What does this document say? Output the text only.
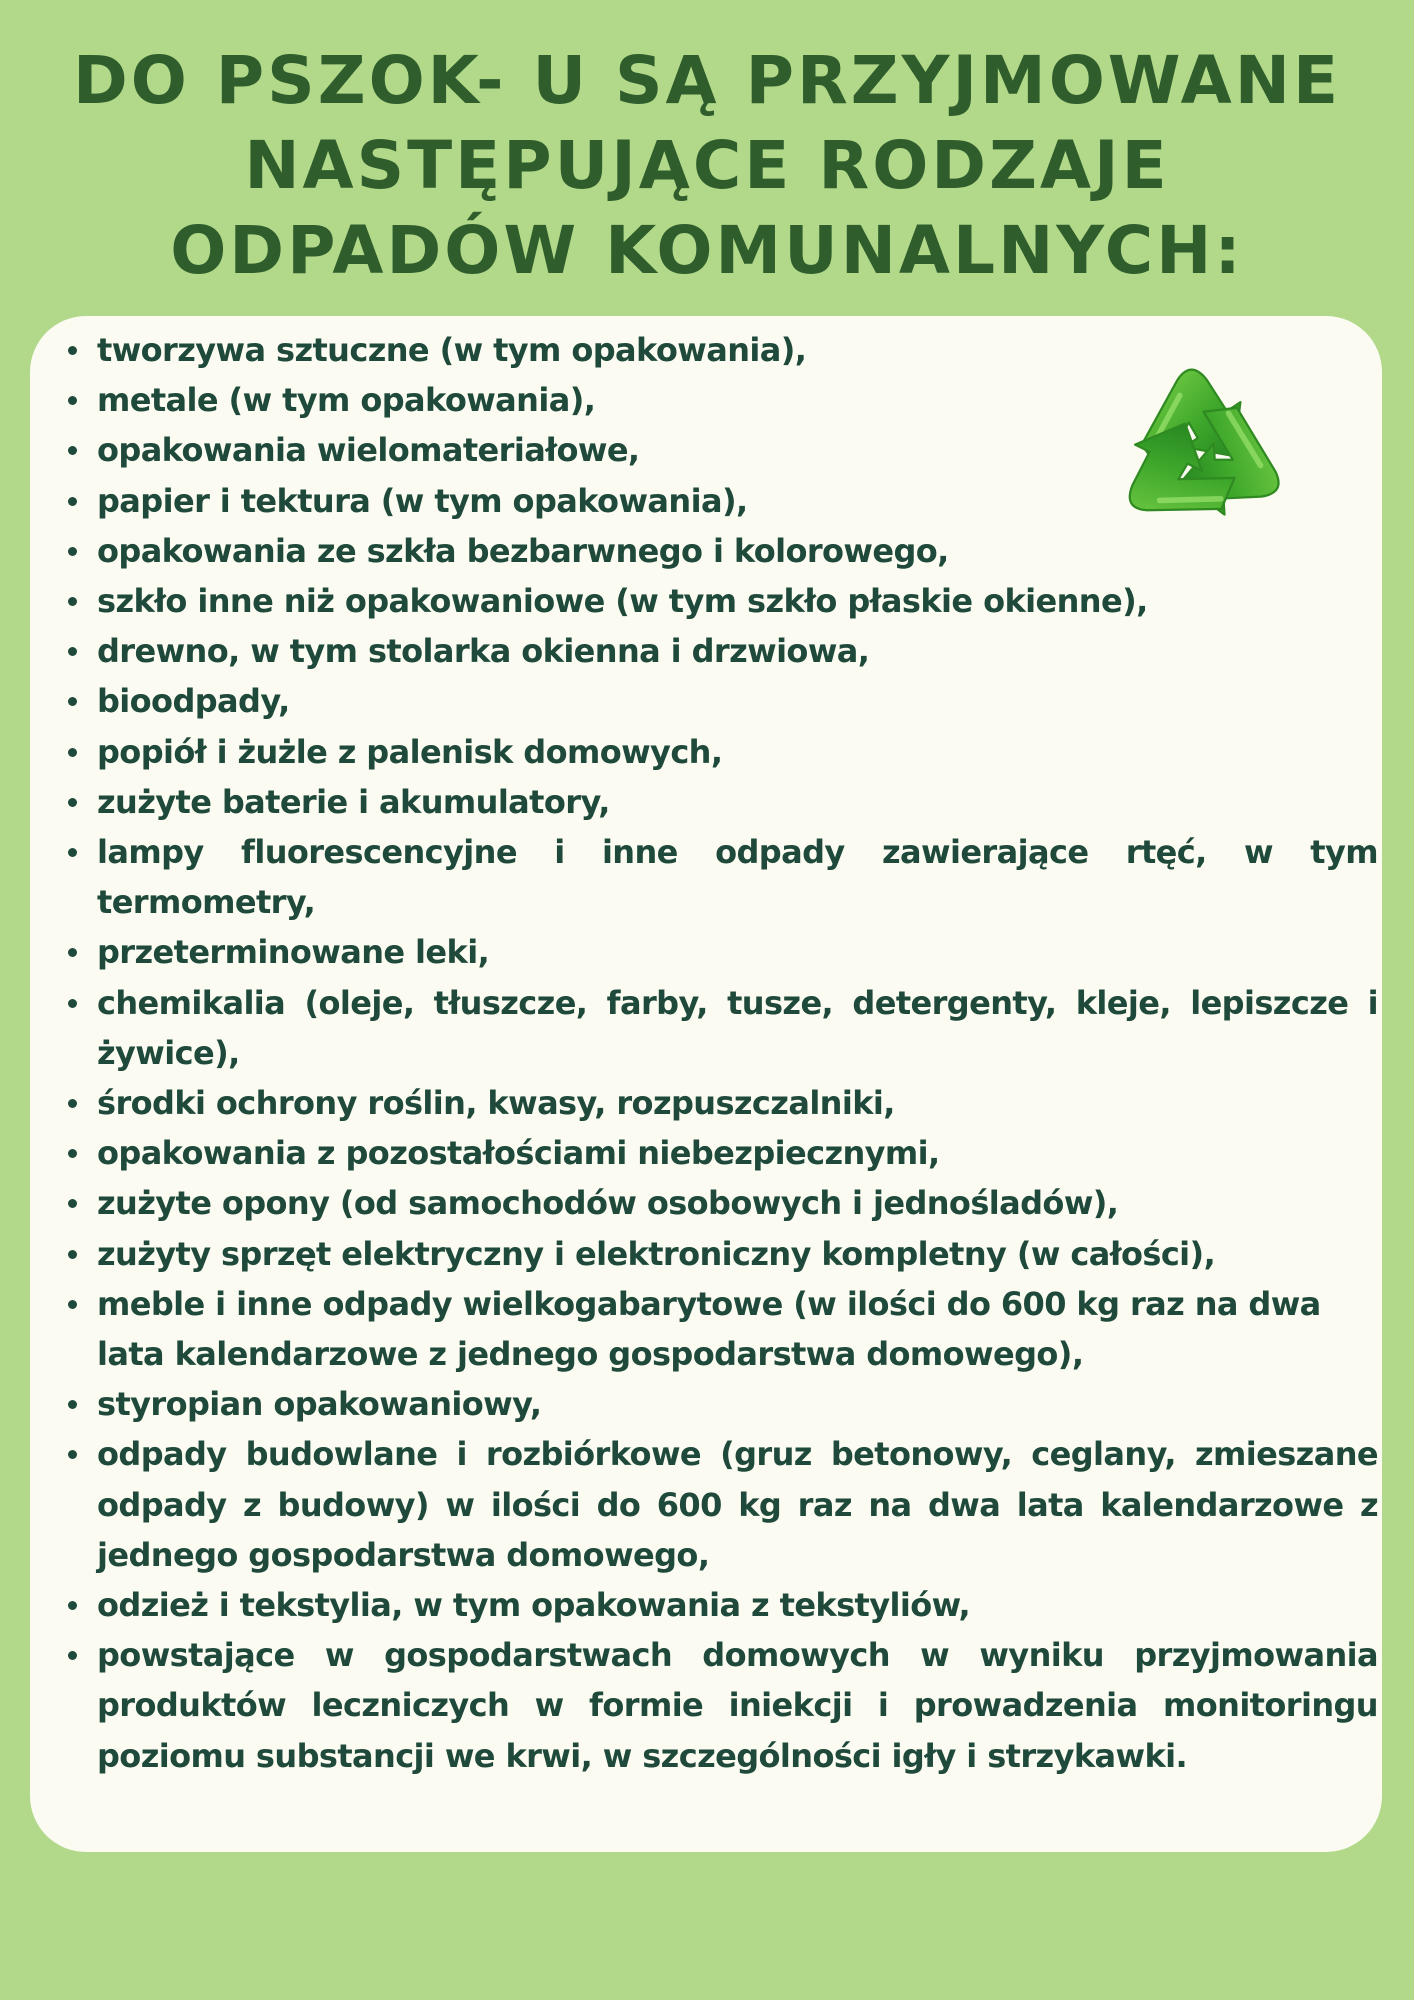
DO PSZOK- U SĄ PRZYJMOWANE
NASTĘPUJĄCE RODZAJE
ODPADÓW KOMUNALNYCH:
tworzywa sztuczne (w tym opakowania),
metale (w tym opakowania),
opakowania wielomateriałowe,
papier i tektura (w tym opakowania),
opakowania ze szkła bezbarwnego i kolorowego,
szkło inne niż opakowaniowe (w tym szkło płaskie okienne),
drewno, w tym stolarka okienna i drzwiowa,
bioodpady,
popiół i żużle z palenisk domowych,
zużyte baterie i akumulatory,
lampy fluorescencyjne i inne odpady zawierające rtęć, w tym termometry,
przeterminowane leki,
chemikalia (oleje, tłuszcze, farby, tusze, detergenty, kleje, lepiszcze i żywice),
środki ochrony roślin, kwasy, rozpuszczalniki,
opakowania z pozostałościami niebezpiecznymi,
zużyte opony (od samochodów osobowych i jednośladów),
zużyty sprzęt elektryczny i elektroniczny kompletny (w całości),
meble i inne odpady wielkogabarytowe (w ilości do 600 kg raz na dwa lata kalendarzowe z jednego gospodarstwa domowego),
styropian opakowaniowy,
odpady budowlane i rozbiórkowe (gruz betonowy, ceglany, zmieszane odpady z budowy) w ilości do 600 kg raz na dwa lata kalendarzowe z jednego gospodarstwa domowego,
odzież i tekstylia, w tym opakowania z tekstyliów,
powstające w gospodarstwach domowych w wyniku przyjmowania produktów leczniczych w formie iniekcji i prowadzenia monitoringu poziomu substancji we krwi, w szczególności igły i strzykawki.
